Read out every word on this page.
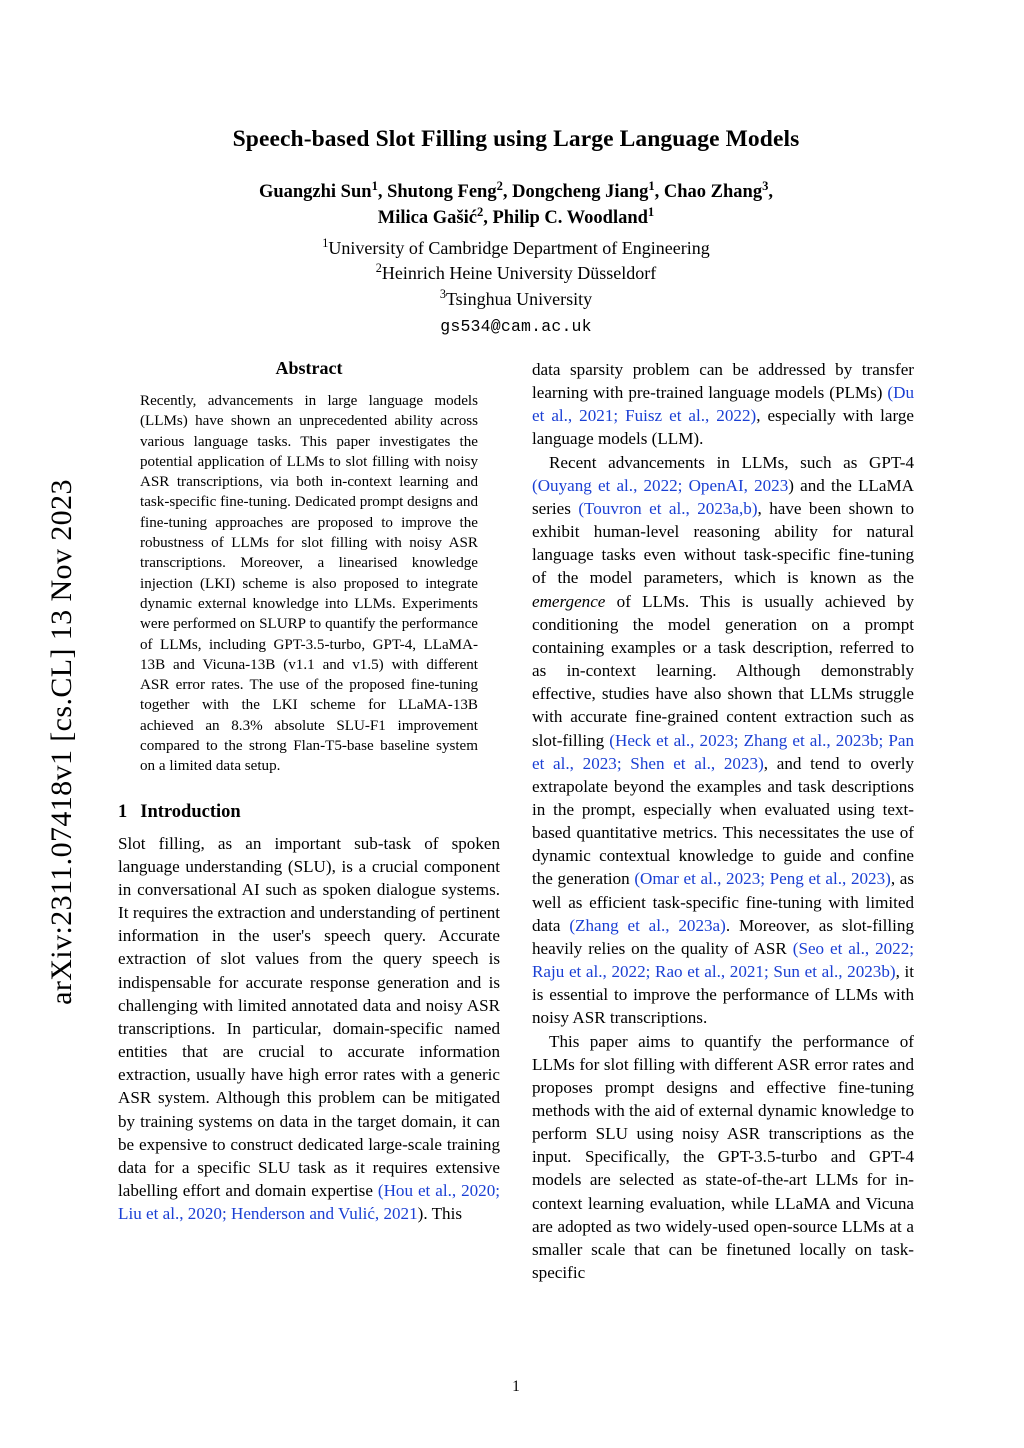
arXiv:2311.07418v1 [cs.CL] 13 Nov 2023
Speech-based Slot Filling using Large Language Models
Guangzhi Sun$^1$, Shutong Feng$^2$, Dongcheng Jiang$^1$, Chao Zhang$^3$,
Milica Gašić$^2$, Philip C. Woodland$^1$
$^1$University of Cambridge Department of Engineering
$^2$Heinrich Heine University Düsseldorf
$^3$Tsinghua University
gs534@cam.ac.uk
Abstract
Recently, advancements in large language models (LLMs) have shown an unprecedented ability across various language tasks. This paper investigates the potential application of LLMs to slot filling with noisy ASR transcriptions, via both in-context learning and task-specific fine-tuning. Dedicated prompt designs and fine-tuning approaches are proposed to improve the robustness of LLMs for slot filling with noisy ASR transcriptions. Moreover, a linearised knowledge injection (LKI) scheme is also proposed to integrate dynamic external knowledge into LLMs. Experiments were performed on SLURP to quantify the performance of LLMs, including GPT-3.5-turbo, GPT-4, LLaMA-13B and Vicuna-13B (v1.1 and v1.5) with different ASR error rates. The use of the proposed fine-tuning together with the LKI scheme for LLaMA-13B achieved an 8.3% absolute SLU-F1 improvement compared to the strong Flan-T5-base baseline system on a limited data setup.
1 Introduction

Slot filling, as an important sub-task of spoken language understanding (SLU), is a crucial component in conversational AI such as spoken dialogue systems. It requires the extraction and understanding of pertinent information in the user's speech query. Accurate extraction of slot values from the query speech is indispensable for accurate response generation and is challenging with limited annotated data and noisy ASR transcriptions. In particular, domain-specific named entities that are crucial to accurate information extraction, usually have high error rates with a generic ASR system. Although this problem can be mitigated by training systems on data in the target domain, it can be expensive to construct dedicated large-scale training data for a specific SLU task as it requires extensive labelling effort and domain expertise (Hou et al., 2020; Liu et al., 2020; Henderson and Vulić, 2021). This

data sparsity problem can be addressed by transfer learning with pre-trained language models (PLMs) (Du et al., 2021; Fuisz et al., 2022), especially with large language models (LLM).

Recent advancements in LLMs, such as GPT-4 (Ouyang et al., 2022; OpenAI, 2023) and the LLaMA series (Touvron et al., 2023a,b), have been shown to exhibit human-level reasoning ability for natural language tasks even without task-specific fine-tuning of the model parameters, which is known as the emergence of LLMs. This is usually achieved by conditioning the model generation on a prompt containing examples or a task description, referred to as in-context learning. Although demonstrably effective, studies have also shown that LLMs struggle with accurate fine-grained content extraction such as slot-filling (Heck et al., 2023; Zhang et al., 2023b; Pan et al., 2023; Shen et al., 2023), and tend to overly extrapolate beyond the examples and task descriptions in the prompt, especially when evaluated using text-based quantitative metrics. This necessitates the use of dynamic contextual knowledge to guide and confine the generation (Omar et al., 2023; Peng et al., 2023), as well as efficient task-specific fine-tuning with limited data (Zhang et al., 2023a). Moreover, as slot-filling heavily relies on the quality of ASR (Seo et al., 2022; Raju et al., 2022; Rao et al., 2021; Sun et al., 2023b), it is essential to improve the performance of LLMs with noisy ASR transcriptions.

This paper aims to quantify the performance of LLMs for slot filling with different ASR error rates and proposes prompt designs and effective fine-tuning methods with the aid of external dynamic knowledge to perform SLU using noisy ASR transcriptions as the input. Specifically, the GPT-3.5-turbo and GPT-4 models are selected as state-of-the-art LLMs for in-context learning evaluation, while LLaMA and Vicuna are adopted as two widely-used open-source LLMs at a smaller scale that can be finetuned locally on task-specific

1
